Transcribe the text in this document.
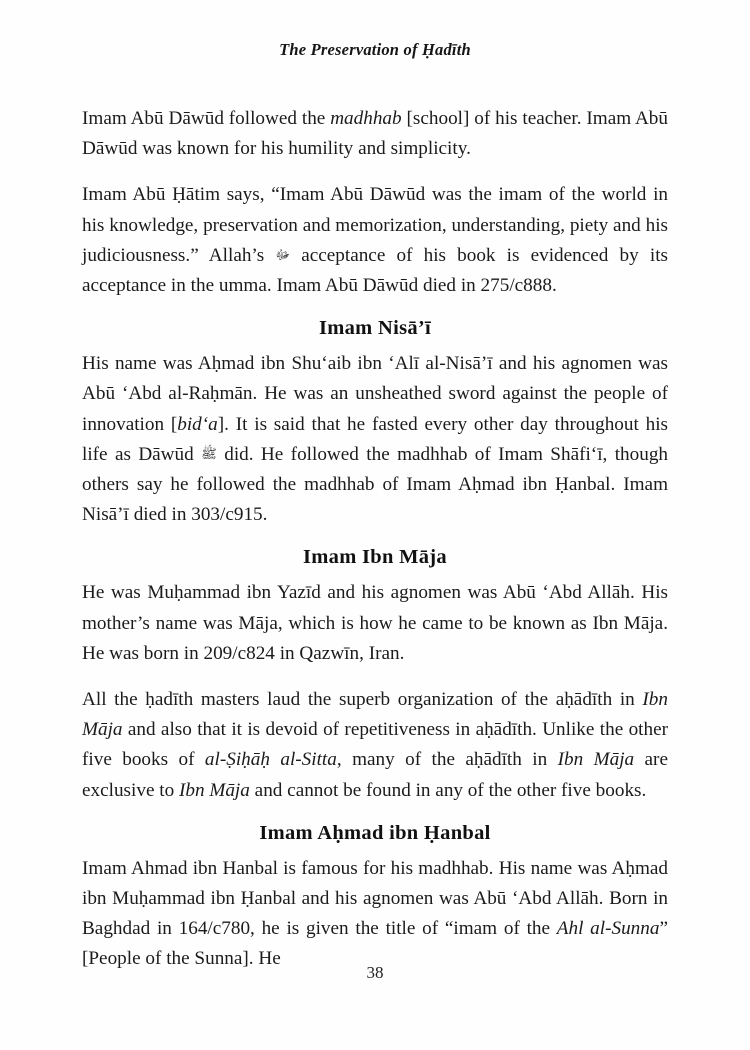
The Preservation of Ḥadīth

Imam Abū Dāwūd followed the madhhab [school] of his teacher. Imam Abū Dāwūd was known for his humility and simplicity.

Imam Abū Ḥātim says, “Imam Abū Dāwūd was the imam of the world in his knowledge, preservation and memorization, understanding, piety and his judiciousness.” Allah’s ﷻ acceptance of his book is evidenced by its acceptance in the umma. Imam Abū Dāwūd died in 275/c888.

Imam Nisā’ī

His name was Aḥmad ibn Shu‘aib ibn ‘Alī al-Nisā’ī and his agnomen was Abū ‘Abd al-Raḥmān. He was an unsheathed sword against the people of innovation [bid‘a]. It is said that he fasted every other day throughout his life as Dāwūd ﷺ did. He followed the madhhab of Imam Shāfi‘ī, though others say he followed the madhhab of Imam Aḥmad ibn Ḥanbal. Imam Nisā’ī died in 303/c915.

Imam Ibn Māja

He was Muḥammad ibn Yazīd and his agnomen was Abū ‘Abd Allāh. His mother’s name was Māja, which is how he came to be known as Ibn Māja. He was born in 209/c824 in Qazwīn, Iran.

All the ḥadīth masters laud the superb organization of the aḥādīth in Ibn Māja and also that it is devoid of repetitiveness in aḥādīth. Unlike the other five books of al-Ṣiḥāḥ al-Sitta, many of the aḥādīth in Ibn Māja are exclusive to Ibn Māja and cannot be found in any of the other five books.

Imam Aḥmad ibn Ḥanbal

Imam Ahmad ibn Hanbal is famous for his madhhab. His name was Aḥmad ibn Muḥammad ibn Ḥanbal and his agnomen was Abū ‘Abd Allāh. Born in Baghdad in 164/c780, he is given the title of “imam of the Ahl al-Sunna” [People of the Sunna]. He

38
